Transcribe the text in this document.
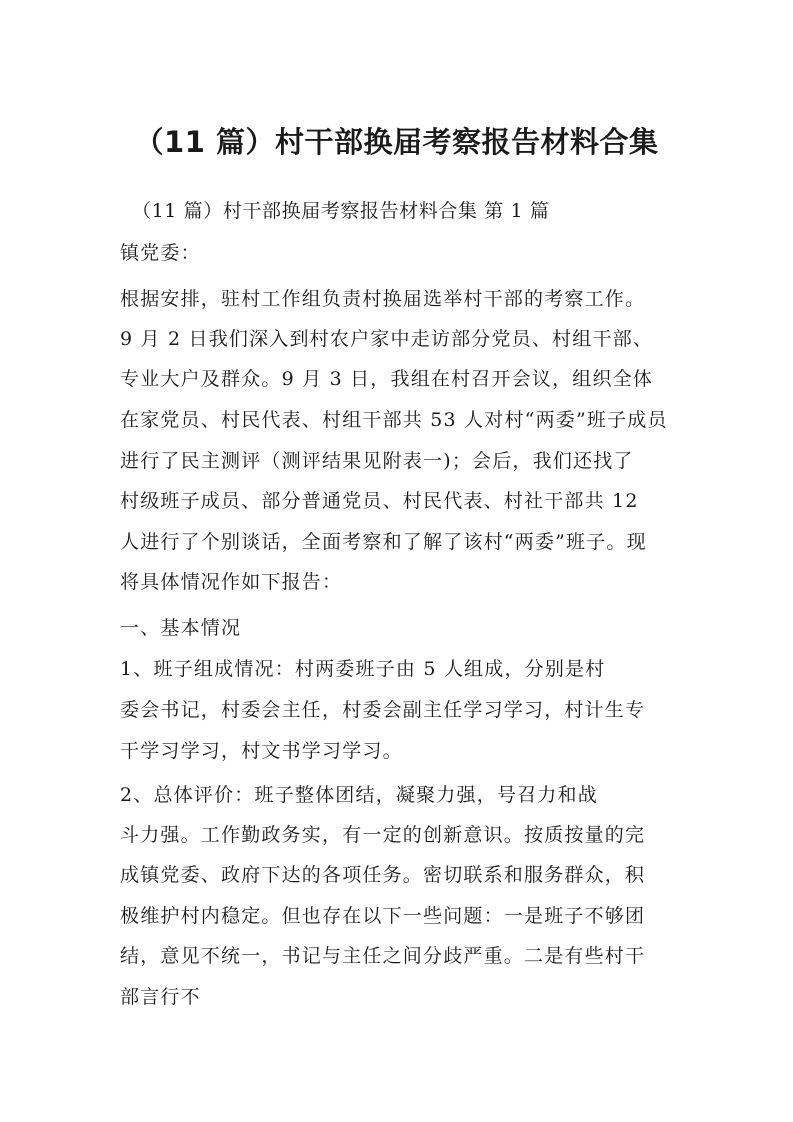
（11 篇）村干部换届考察报告材料合集
（11 篇）村干部换届考察报告材料合集 第 1 篇
镇党委：
根据安排，驻村工作组负责村换届选举村干部的考察工作。
9 月 2 日我们深入到村农户家中走访部分党员、村组干部、
专业大户及群众。9 月 3 日，我组在村召开会议，组织全体
在家党员、村民代表、村组干部共 53 人对村“两委”班子成员
进行了民主测评（测评结果见附表一)；会后，我们还找了
村级班子成员、部分普通党员、村民代表、村社干部共 12
人进行了个别谈话，全面考察和了解了该村“两委”班子。现
将具体情况作如下报告：
一、基本情况
1、班子组成情况：村两委班子由 5 人组成，分别是村
委会书记，村委会主任，村委会副主任学习学习，村计生专
干学习学习，村文书学习学习。
2、总体评价：班子整体团结，凝聚力强，号召力和战
斗力强。工作勤政务实，有一定的创新意识。按质按量的完
成镇党委、政府下达的各项任务。密切联系和服务群众，积
极维护村内稳定。但也存在以下一些问题：一是班子不够团
结，意见不统一，书记与主任之间分歧严重。二是有些村干
部言行不
